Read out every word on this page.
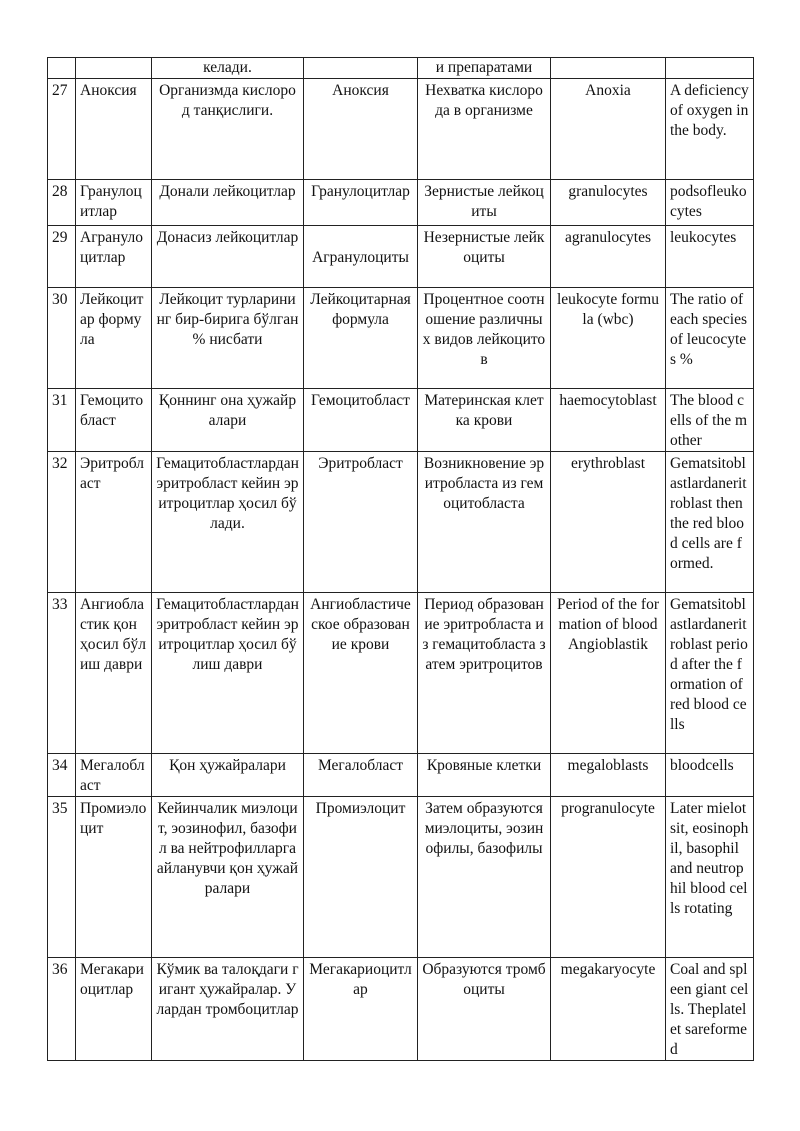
		келади.		и препаратами		
27	Аноксия	Организмда кислород танқислиги.	Аноксия	Нехватка кислорода в организме	Anoxia	A deficiency of oxygen in the body.
28	Гранулоцитлар	Донали лейкоцитлар	Гранулоцитлар	Зернистые лейкоциты	granulocytes	podsofleukocytes
29	Агранулоцитлар	Донасиз лейкоцитлар	Агранулоциты	Незернистые лейкоциты	agranulocytes	leukocytes
30	Лейкоцитар формула	Лейкоцит турларининг бир-бирига бўлган % нисбати	Лейкоцитарная формула	Процентное соотношение различных видов лейкоцитов	leukocyte formula (wbc)	The ratio of each species of leucocytes %
31	Гемоцитобласт	Қоннинг она ҳужайралари	Гемоцитобласт	Материнская клетка крови	haemocytoblast	The blood cells of the mother
32	Эритробласт	Гемацитобластлардан эритробласт кейин эритроцитлар ҳосил бўлади.	Эритробласт	Возникновение эритробласта из гемоцитобласта	erythroblast	Gematsitoblastlardaneritroblast then the red blood cells are formed.
33	Ангиобластик қон ҳосил бўлиш даври	Гемацитобластлардан эритробласт кейин эритроцитлар ҳосил бўлиш даври	Ангиобластическое образование крови	Период образование эритробласта из гемацитобласта затем эритроцитов	Period of the formation of blood Angioblastik	Gematsitoblastlardaneritroblast period after the formation of red blood cells
34	Мегалобласт	Қон ҳужайралари	Мегалобласт	Кровяные клетки	megaloblasts	bloodcells
35	Промиэлоцит	Кейинчалик миэлоцит, эозинофил, базофил ва нейтрофилларга айланувчи қон ҳужайралари	Промиэлоцит	Затем образуются миэлоциты, эозинофилы, базофилы	progranulocyte	Later mielotsit, eosinophil, basophil and neutrophil blood cells rotating
36	Мегакариоцитлар	Кўмик ва талоқдаги гигант ҳужайралар. Улардан тромбоцитлар	Мегакариоцитлар	Образуются тромбоциты	megakaryocyte	Coal and spleen giant cells. Theplatelet sareformed
